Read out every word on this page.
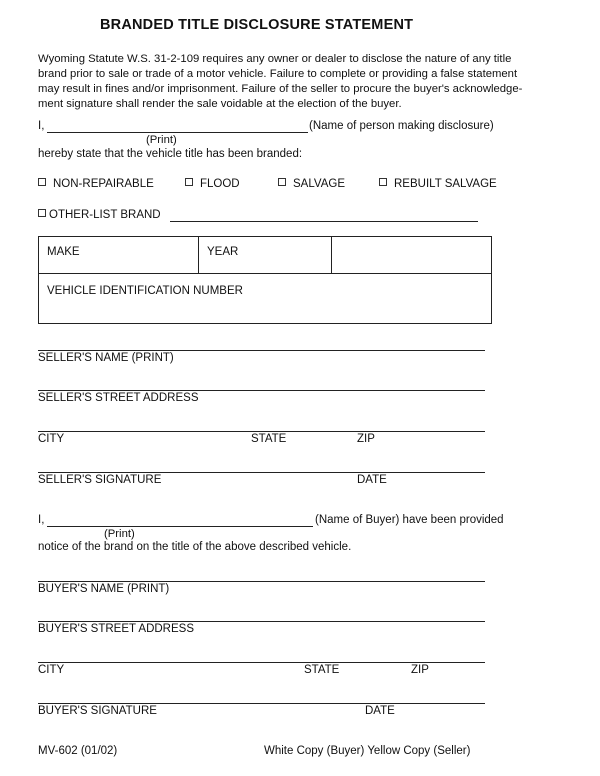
BRANDED TITLE DISCLOSURE STATEMENT
Wyoming Statute W.S. 31-2-109 requires any owner or dealer to disclose the nature of any title
brand prior to sale or trade of a motor vehicle. Failure to complete or providing a false statement
may result in fines and/or imprisonment. Failure of the seller to procure the buyer's acknowledge-
ment signature shall render the sale voidable at the election of the buyer.
I,	(Name of person making disclosure)
(Print)
hereby state that the vehicle title has been branded:
NON-REPAIRABLE	FLOOD	SALVAGE	REBUILT SALVAGE
OTHER-LIST BRAND
MAKE	YEAR
VEHICLE IDENTIFICATION NUMBER
SELLER'S NAME (PRINT)
SELLER'S STREET ADDRESS
CITY	STATE	ZIP
SELLER'S SIGNATURE	DATE
I,	(Name of Buyer) have been provided
(Print)
notice of the brand on the title of the above described vehicle.
BUYER'S NAME (PRINT)
BUYER'S STREET ADDRESS
CITY	STATE	ZIP
BUYER'S SIGNATURE	DATE
MV-602 (01/02)	White Copy (Buyer) Yellow Copy (Seller)
